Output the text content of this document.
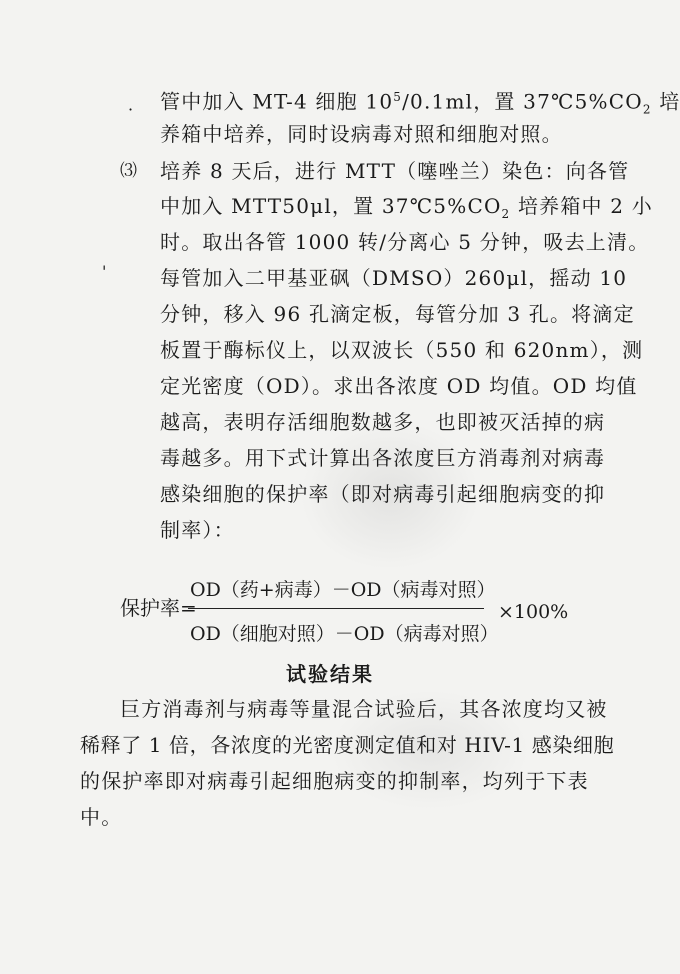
·
'
管中加入 MT-4 细胞 $10^5/0.1ml$，置 $37℃5\%CO_2$ 培
养箱中培养，同时设病毒对照和细胞对照。
⑶ 培养 8 天后，进行 MTT（噻唑兰）染色：向各管
中加入 MTT50μl，置 $37℃5\%CO_2$ 培养箱中 2 小
时。取出各管 1000 转/分离心 5 分钟，吸去上清。
每管加入二甲基亚砜（DMSO）260μl，摇动 10
分钟，移入 96 孔滴定板，每管分加 3 孔。将滴定
板置于酶标仪上，以双波长（550 和 620nm），测
定光密度（OD）。求出各浓度 OD 均值。OD 均值
越高，表明存活细胞数越多，也即被灭活掉的病
毒越多。用下式计算出各浓度巨方消毒剂对病毒
感染细胞的保护率（即对病毒引起细胞病变的抑
制率）：
保护率=
OD（药+病毒）－OD（病毒对照）
OD（细胞对照）－OD（病毒对照）
×100%
试验结果
巨方消毒剂与病毒等量混合试验后，其各浓度均又被
稀释了 1 倍，各浓度的光密度测定值和对 HIV-1 感染细胞
的保护率即对病毒引起细胞病变的抑制率，均列于下表
中。
